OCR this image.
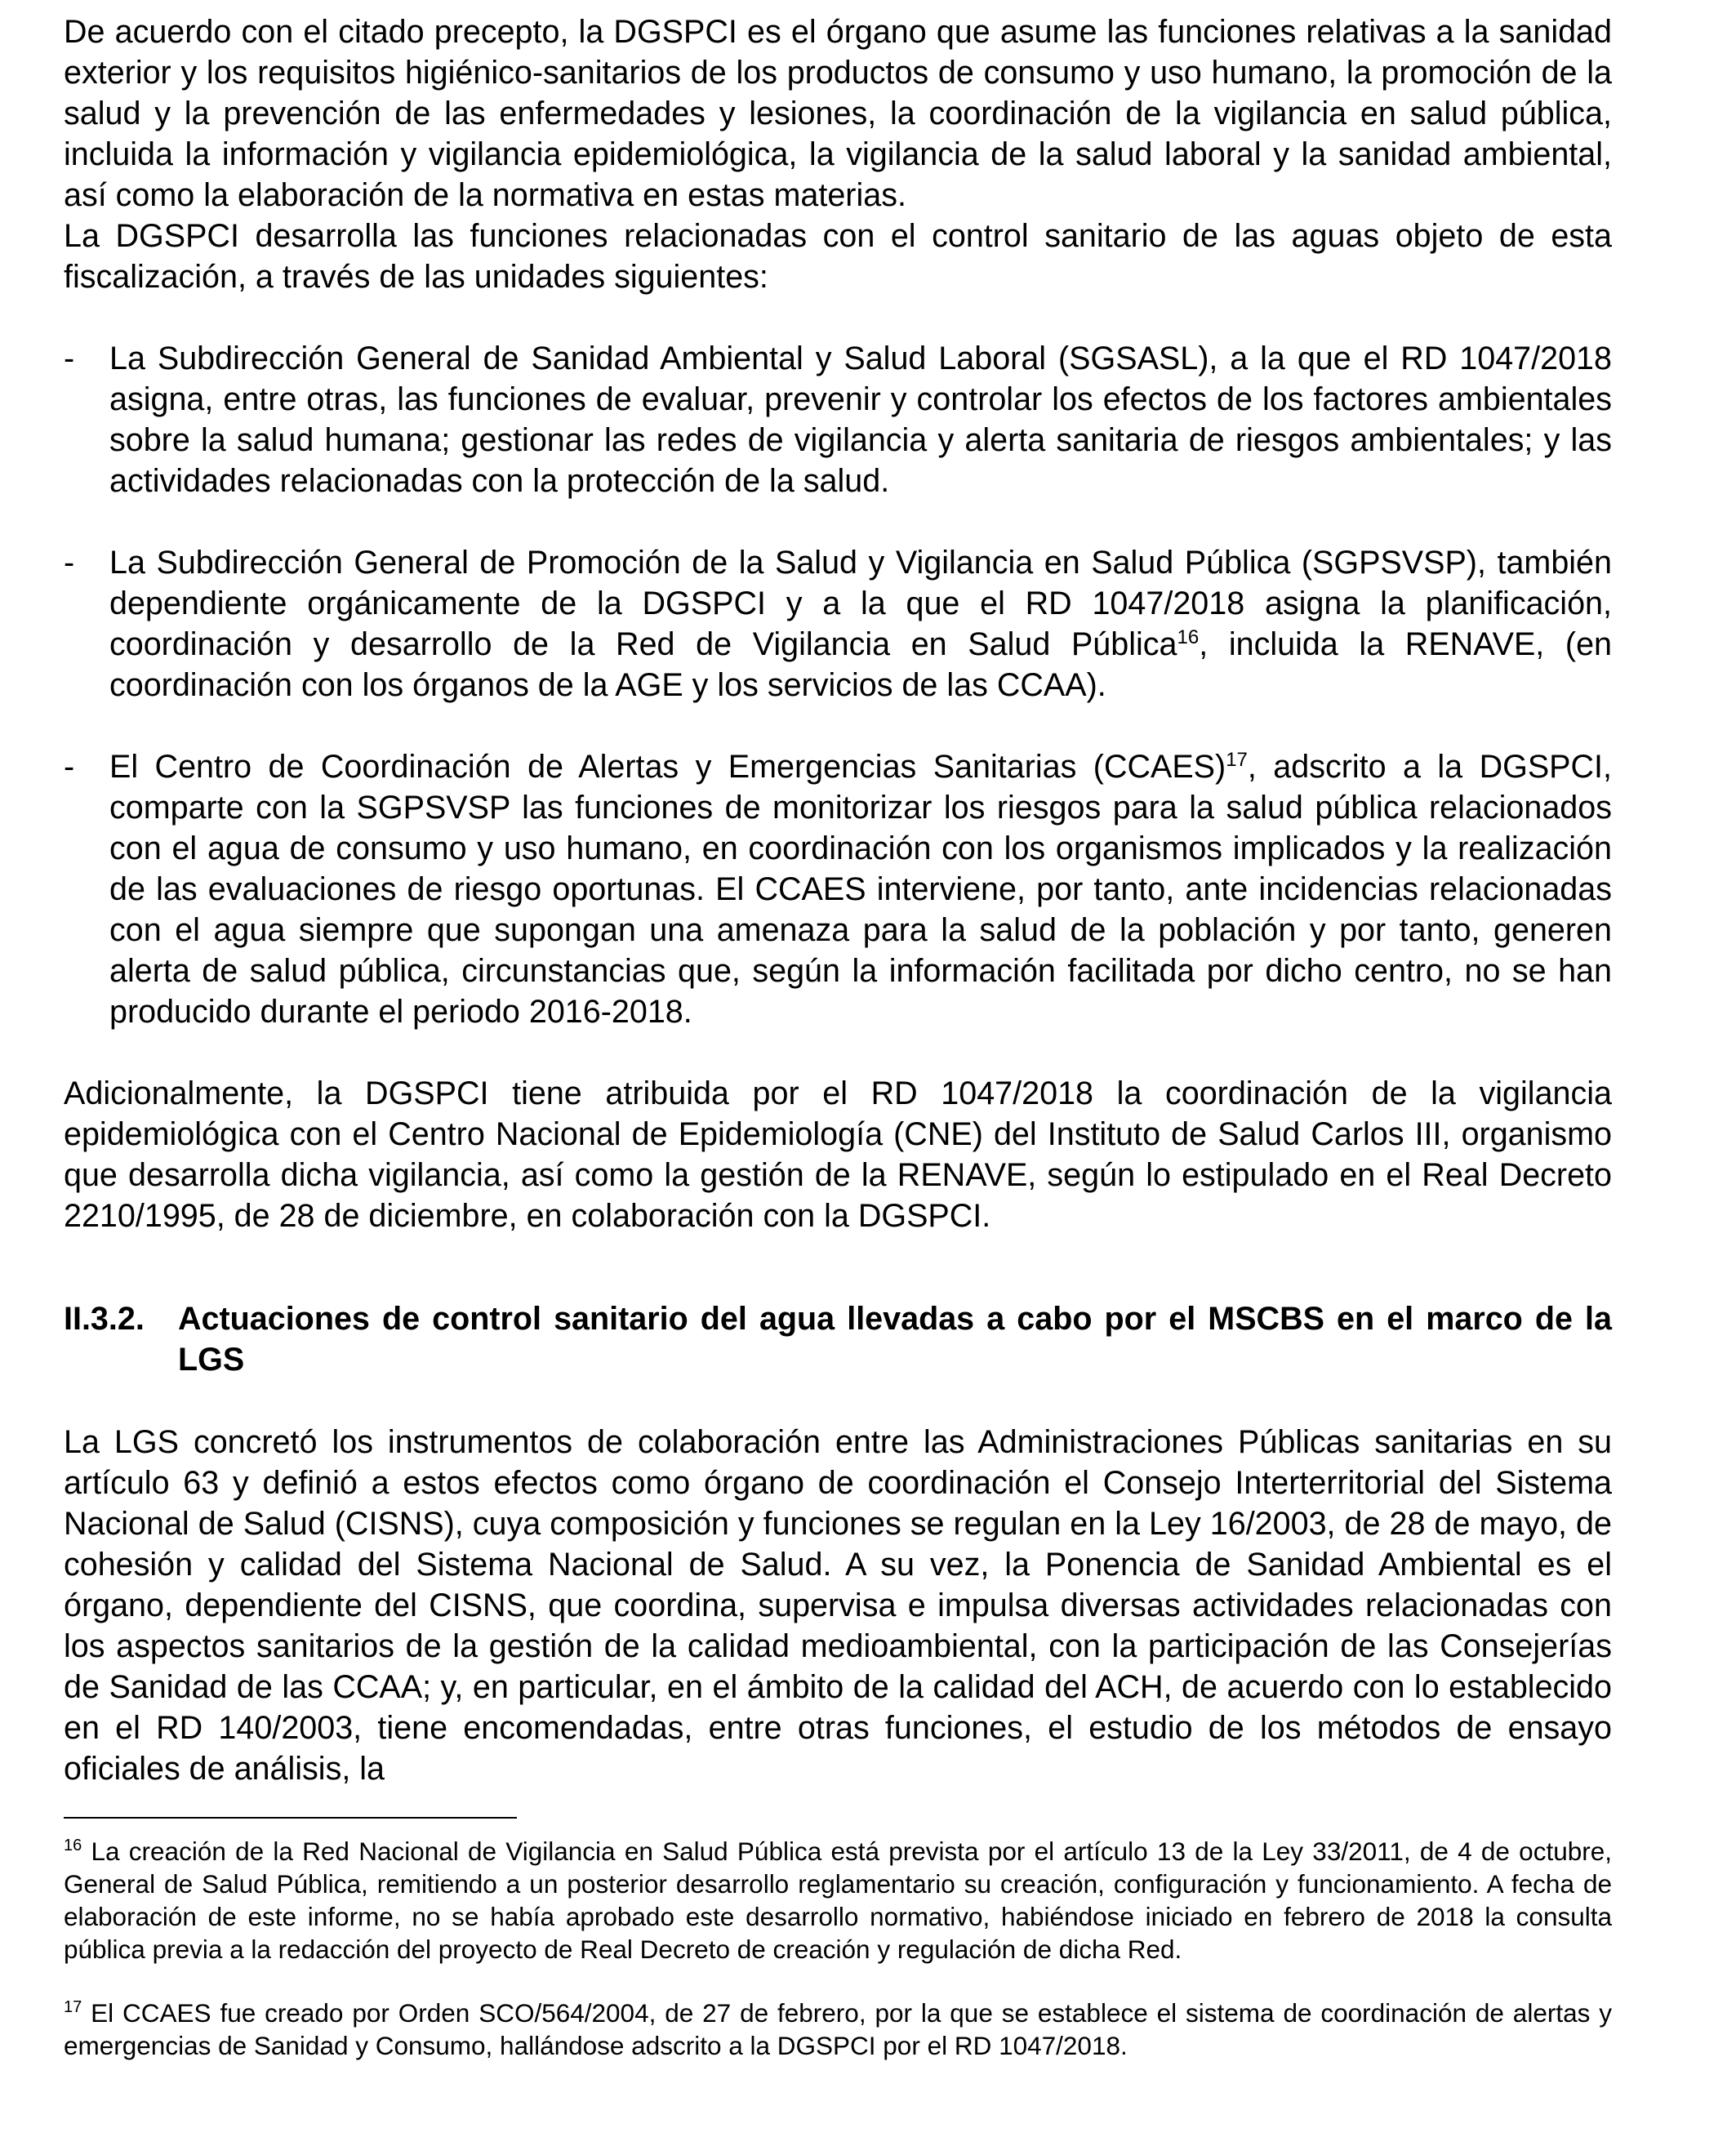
De acuerdo con el citado precepto, la DGSPCI es el órgano que asume las funciones relativas a la sanidad exterior y los requisitos higiénico-sanitarios de los productos de consumo y uso humano, la promoción de la salud y la prevención de las enfermedades y lesiones, la coordinación de la vigilancia en salud pública, incluida la información y vigilancia epidemiológica, la vigilancia de la salud laboral y la sanidad ambiental, así como la elaboración de la normativa en estas materias.

La DGSPCI desarrolla las funciones relacionadas con el control sanitario de las aguas objeto de esta fiscalización, a través de las unidades siguientes:

-	La Subdirección General de Sanidad Ambiental y Salud Laboral (SGSASL), a la que el RD 1047/2018 asigna, entre otras, las funciones de evaluar, prevenir y controlar los efectos de los factores ambientales sobre la salud humana; gestionar las redes de vigilancia y alerta sanitaria de riesgos ambientales; y las actividades relacionadas con la protección de la salud.

-	La Subdirección General de Promoción de la Salud y Vigilancia en Salud Pública (SGPSVSP), también dependiente orgánicamente de la DGSPCI y a la que el RD 1047/2018 asigna la planificación, coordinación y desarrollo de la Red de Vigilancia en Salud Pública$^{16}$, incluida la RENAVE, (en coordinación con los órganos de la AGE y los servicios de las CCAA).

-	El Centro de Coordinación de Alertas y Emergencias Sanitarias (CCAES)$^{17}$, adscrito a la DGSPCI, comparte con la SGPSVSP las funciones de monitorizar los riesgos para la salud pública relacionados con el agua de consumo y uso humano, en coordinación con los organismos implicados y la realización de las evaluaciones de riesgo oportunas. El CCAES interviene, por tanto, ante incidencias relacionadas con el agua siempre que supongan una amenaza para la salud de la población y por tanto, generen alerta de salud pública, circunstancias que, según la información facilitada por dicho centro, no se han producido durante el periodo 2016-2018.

Adicionalmente, la DGSPCI tiene atribuida por el RD 1047/2018 la coordinación de la vigilancia epidemiológica con el Centro Nacional de Epidemiología (CNE) del Instituto de Salud Carlos III, organismo que desarrolla dicha vigilancia, así como la gestión de la RENAVE, según lo estipulado en el Real Decreto 2210/1995, de 28 de diciembre, en colaboración con la DGSPCI.

II.3.2.	Actuaciones de control sanitario del agua llevadas a cabo por el MSCBS en el marco de la LGS

La LGS concretó los instrumentos de colaboración entre las Administraciones Públicas sanitarias en su artículo 63 y definió a estos efectos como órgano de coordinación el Consejo Interterritorial del Sistema Nacional de Salud (CISNS), cuya composición y funciones se regulan en la Ley 16/2003, de 28 de mayo, de cohesión y calidad del Sistema Nacional de Salud. A su vez, la Ponencia de Sanidad Ambiental es el órgano, dependiente del CISNS, que coordina, supervisa e impulsa diversas actividades relacionadas con los aspectos sanitarios de la gestión de la calidad medioambiental, con la participación de las Consejerías de Sanidad de las CCAA; y, en particular, en el ámbito de la calidad del ACH, de acuerdo con lo establecido en el RD 140/2003, tiene encomendadas, entre otras funciones, el estudio de los métodos de ensayo oficiales de análisis, la

$^{16}$ La creación de la Red Nacional de Vigilancia en Salud Pública está prevista por el artículo 13 de la Ley 33/2011, de 4 de octubre, General de Salud Pública, remitiendo a un posterior desarrollo reglamentario su creación, configuración y funcionamiento. A fecha de elaboración de este informe, no se había aprobado este desarrollo normativo, habiéndose iniciado en febrero de 2018 la consulta pública previa a la redacción del proyecto de Real Decreto de creación y regulación de dicha Red.

$^{17}$ El CCAES fue creado por Orden SCO/564/2004, de 27 de febrero, por la que se establece el sistema de coordinación de alertas y emergencias de Sanidad y Consumo, hallándose adscrito a la DGSPCI por el RD 1047/2018.
